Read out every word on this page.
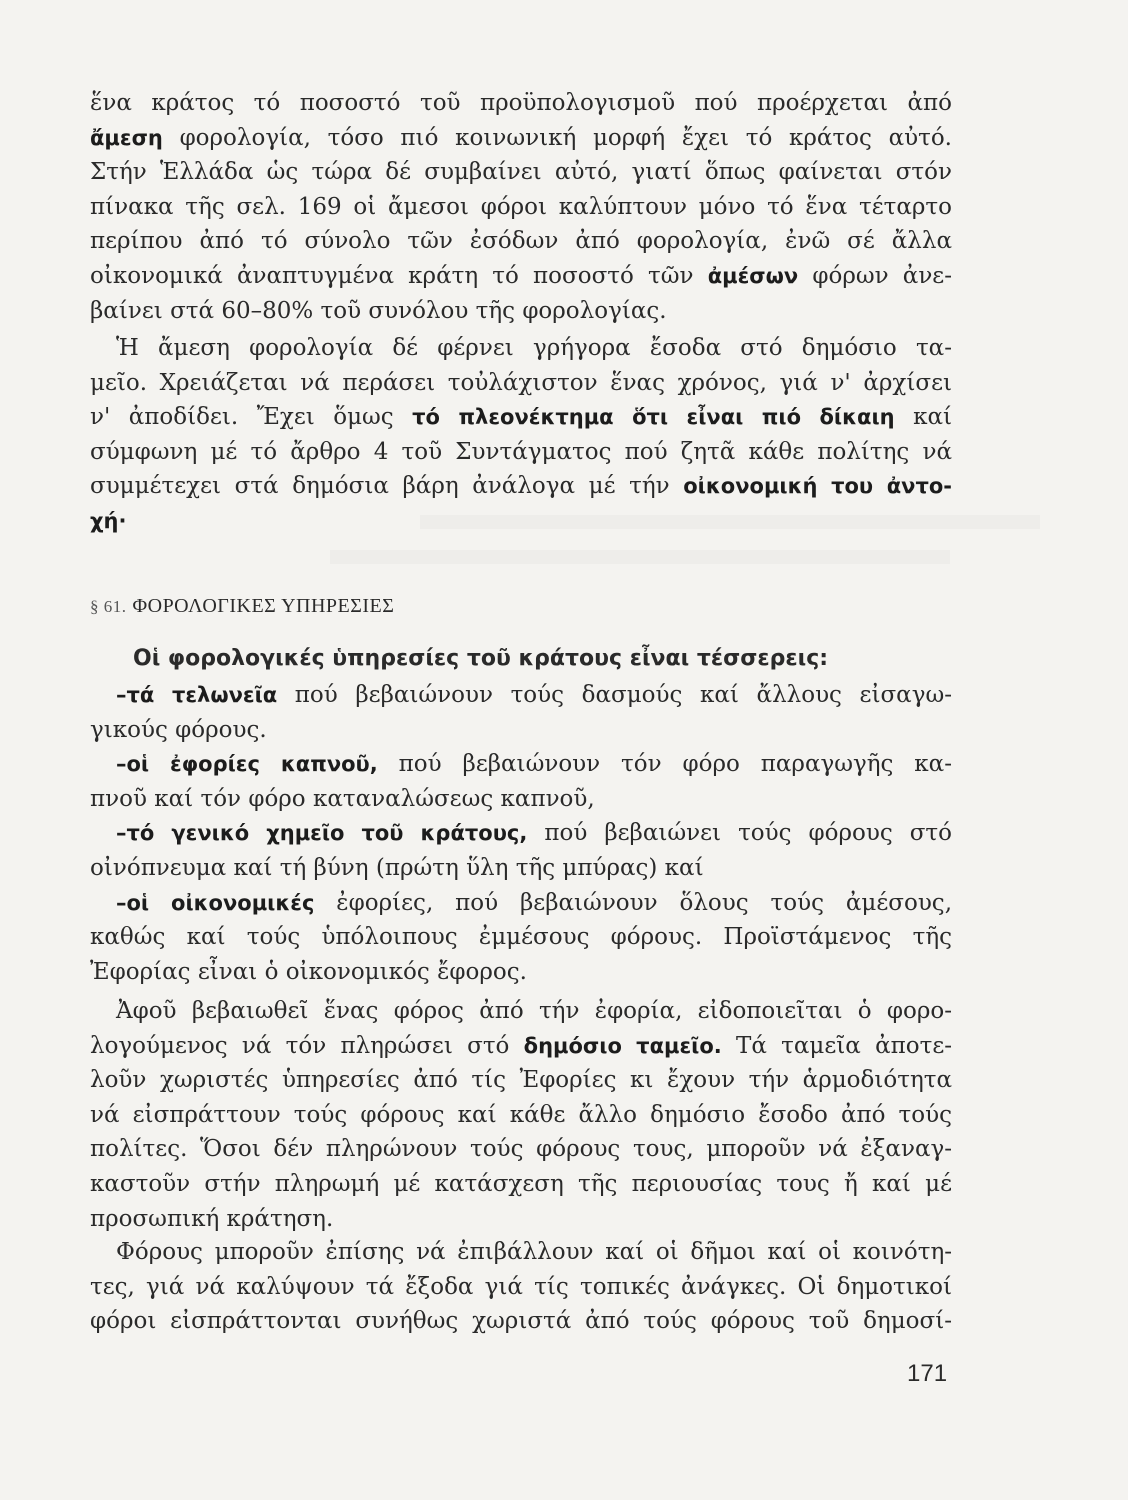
ἕνα κράτος τό ποσοστό τοῦ προϋπολογισμοῦ πού προέρχεται ἀπό
ἄμεση φορολογία, τόσο πιό κοινωνική μορφή ἔχει τό κράτος αὐτό.
Στήν Ἑλλάδα ὡς τώρα δέ συμβαίνει αὐτό, γιατί ὅπως φαίνεται στόν
πίνακα τῆς σελ. 169 οἱ ἄμεσοι φόροι καλύπτουν μόνο τό ἕνα τέταρτο
περίπου ἀπό τό σύνολο τῶν ἐσόδων ἀπό φορολογία, ἐνῶ σέ ἄλλα
οἰκονομικά ἀναπτυγμένα κράτη τό ποσοστό τῶν ἀμέσων φόρων ἀνε-
βαίνει στά 60–80% τοῦ συνόλου τῆς φορολογίας.
Ἡ ἄμεση φορολογία δέ φέρνει γρήγορα ἔσοδα στό δημόσιο τα-
μεῖο. Χρειάζεται νά περάσει τοὐλάχιστον ἕνας χρόνος, γιά ν' ἀρχίσει
ν' ἀποδίδει. Ἔχει ὅμως τό πλεονέκτημα ὅτι εἶναι πιό δίκαιη καί
σύμφωνη μέ τό ἄρθρο 4 τοῦ Συντάγματος πού ζητᾶ κάθε πολίτης νά
συμμέτεχει στά δημόσια βάρη ἀνάλογα μέ τήν οἰκονομική του ἀντο-
χή·
§ 61. ΦΟΡΟΛΟΓΙΚΕΣ ΥΠΗΡΕΣΙΕΣ
Οἱ φορολογικές ὑπηρεσίες τοῦ κράτους εἶναι τέσσερεις:
–τά τελωνεῖα πού βεβαιώνουν τούς δασμούς καί ἄλλους εἰσαγω-
γικούς φόρους.
–οἱ ἐφορίες καπνοῦ, πού βεβαιώνουν τόν φόρο παραγωγῆς κα-
πνοῦ καί τόν φόρο καταναλώσεως καπνοῦ,
–τό γενικό χημεῖο τοῦ κράτους, πού βεβαιώνει τούς φόρους στό
οἰνόπνευμα καί τή βύνη (πρώτη ὕλη τῆς μπύρας) καί
–οἱ οἰκονομικές ἐφορίες, πού βεβαιώνουν ὅλους τούς ἀμέσους,
καθώς καί τούς ὑπόλοιπους ἐμμέσους φόρους. Προϊστάμενος τῆς
Ἐφορίας εἶναι ὁ οἰκονομικός ἔφορος.
Ἀφοῦ βεβαιωθεῖ ἕνας φόρος ἀπό τήν ἐφορία, εἰδοποιεῖται ὁ φορο-
λογούμενος νά τόν πληρώσει στό δημόσιο ταμεῖο. Τά ταμεῖα ἀποτε-
λοῦν χωριστές ὑπηρεσίες ἀπό τίς Ἐφορίες κι ἔχουν τήν ἁρμοδιότητα
νά εἰσπράττουν τούς φόρους καί κάθε ἄλλο δημόσιο ἔσοδο ἀπό τούς
πολίτες. Ὅσοι δέν πληρώνουν τούς φόρους τους, μποροῦν νά ἐξαναγ-
καστοῦν στήν πληρωμή μέ κατάσχεση τῆς περιουσίας τους ἤ καί μέ
προσωπική κράτηση.
Φόρους μποροῦν ἐπίσης νά ἐπιβάλλουν καί οἱ δῆμοι καί οἱ κοινότη-
τες, γιά νά καλύψουν τά ἔξοδα γιά τίς τοπικές ἀνάγκες. Οἱ δημοτικοί
φόροι εἰσπράττονται συνήθως χωριστά ἀπό τούς φόρους τοῦ δημοσί-
171
